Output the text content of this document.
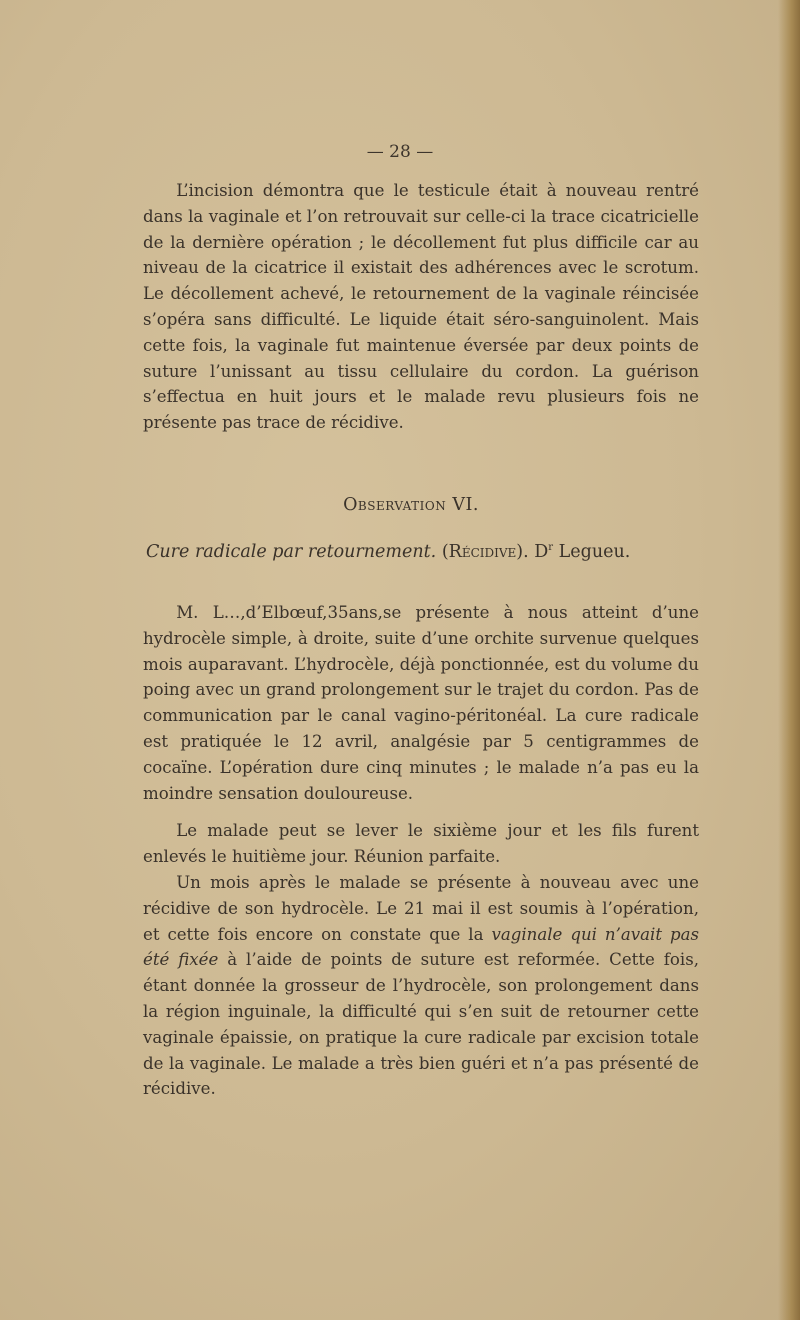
— 28 —

L’incision démontra que le testicule était à nouveau rentré dans la vaginale et l’on retrouvait sur celle-ci la trace cicatricielle de la dernière opération ; le décollement fut plus difficile car au niveau de la cicatrice il existait des adhérences avec le scrotum. Le décollement achevé, le retournement de la vaginale réincisée s’opéra sans difficulté. Le liquide était séro-sanguinolent. Mais cette fois, la vaginale fut maintenue éversée par deux points de suture l’unissant au tissu cellulaire du cordon. La guérison s’effectua en huit jours et le malade revu plusieurs fois ne présente pas trace de récidive.

Observation VI.
Cure radicale par retournement. (Récidive). $D^r$ Legueu.

M. L…,d’Elbœuf,35ans,se présente à nous atteint d’une hydrocèle simple, à droite, suite d’une orchite survenue quelques mois auparavant. L’hydrocèle, déjà ponctionnée, est du volume du poing avec un grand prolongement sur le trajet du cordon. Pas de communication par le canal vagino-péritonéal. La cure radicale est pratiquée le 12 avril, analgésie par 5 centigrammes de cocaïne. L’opération dure cinq minutes ; le malade n’a pas eu la moindre sensation douloureuse.

Le malade peut se lever le sixième jour et les fils furent enlevés le huitième jour. Réunion parfaite.

Un mois après le malade se présente à nouveau avec une récidive de son hydrocèle. Le 21 mai il est soumis à l’opération, et cette fois encore on constate que la vaginale qui n’avait pas été fixée à l’aide de points de suture est reformée. Cette fois, étant donnée la grosseur de l’hydrocèle, son prolongement dans la région inguinale, la difficulté qui s’en suit de retourner cette vaginale épaissie, on pratique la cure radicale par excision totale de la vaginale. Le malade a très bien guéri et n’a pas présenté de récidive.
